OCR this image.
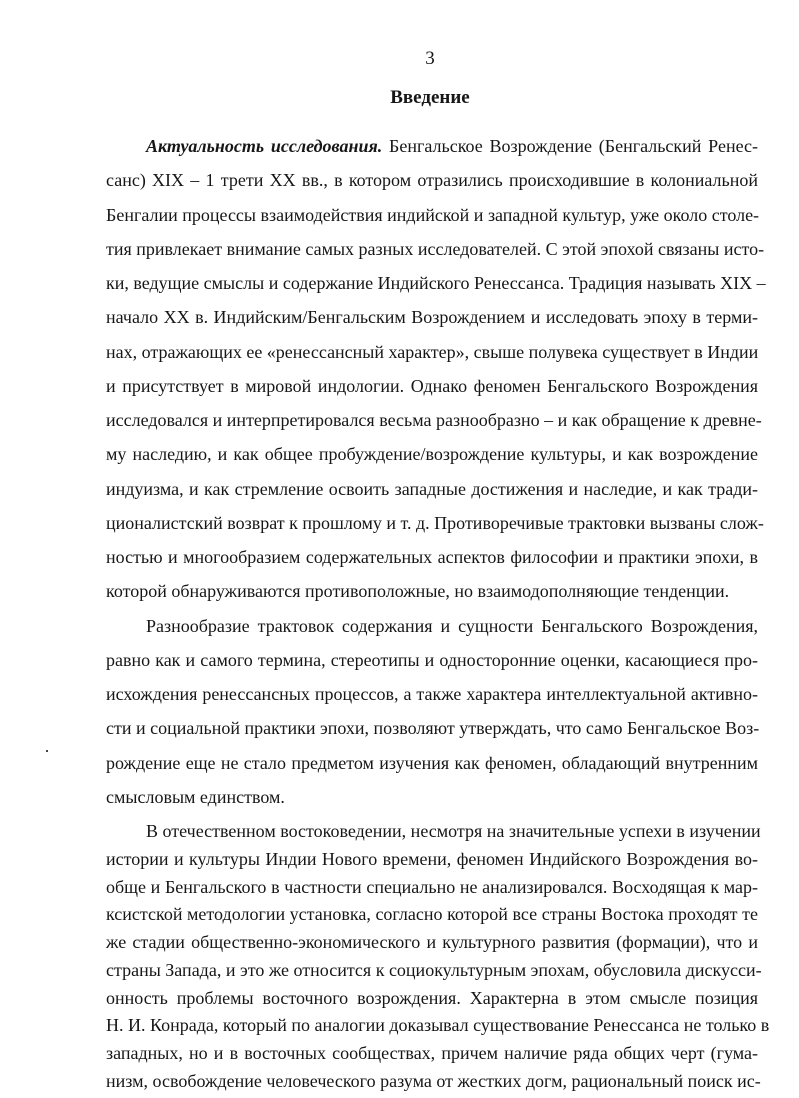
3
Введение
Актуальность исследования. Бенгальское Возрождение (Бенгальский Ренес-
санс) XIX – 1 трети XX вв., в котором отразились происходившие в колониальной
Бенгалии процессы взаимодействия индийской и западной культур, уже около столе-
тия привлекает внимание самых разных исследователей. С этой эпохой связаны исто-
ки, ведущие смыслы и содержание Индийского Ренессанса. Традиция называть XIX –
начало XX в. Индийским/Бенгальским Возрождением и исследовать эпоху в терми-
нах, отражающих ее «ренессансный характер», свыше полувека существует в Индии
и присутствует в мировой индологии. Однако феномен Бенгальского Возрождения
исследовался и интерпретировался весьма разнообразно – и как обращение к древне-
му наследию, и как общее пробуждение/возрождение культуры, и как возрождение
индуизма, и как стремление освоить западные достижения и наследие, и как тради-
ционалистский возврат к прошлому и т. д. Противоречивые трактовки вызваны слож-
ностью и многообразием содержательных аспектов философии и практики эпохи, в
которой обнаруживаются противоположные, но взаимодополняющие тенденции.
Разнообразие трактовок содержания и сущности Бенгальского Возрождения,
равно как и самого термина, стереотипы и односторонние оценки, касающиеся про-
исхождения ренессансных процессов, а также характера интеллектуальной активно-
сти и социальной практики эпохи, позволяют утверждать, что само Бенгальское Воз-
рождение еще не стало предметом изучения как феномен, обладающий внутренним
смысловым единством.
В отечественном востоковедении, несмотря на значительные успехи в изучении
истории и культуры Индии Нового времени, феномен Индийского Возрождения во-
обще и Бенгальского в частности специально не анализировался. Восходящая к мар-
ксистской методологии установка, согласно которой все страны Востока проходят те
же стадии общественно-экономического и культурного развития (формации), что и
страны Запада, и это же относится к социокультурным эпохам, обусловила дискусси-
онность проблемы восточного возрождения. Характерна в этом смысле позиция
Н. И. Конрада, который по аналогии доказывал существование Ренессанса не только в
западных, но и в восточных сообществах, причем наличие ряда общих черт (гума-
низм, освобождение человеческого разума от жестких догм, рациональный поиск ис-
